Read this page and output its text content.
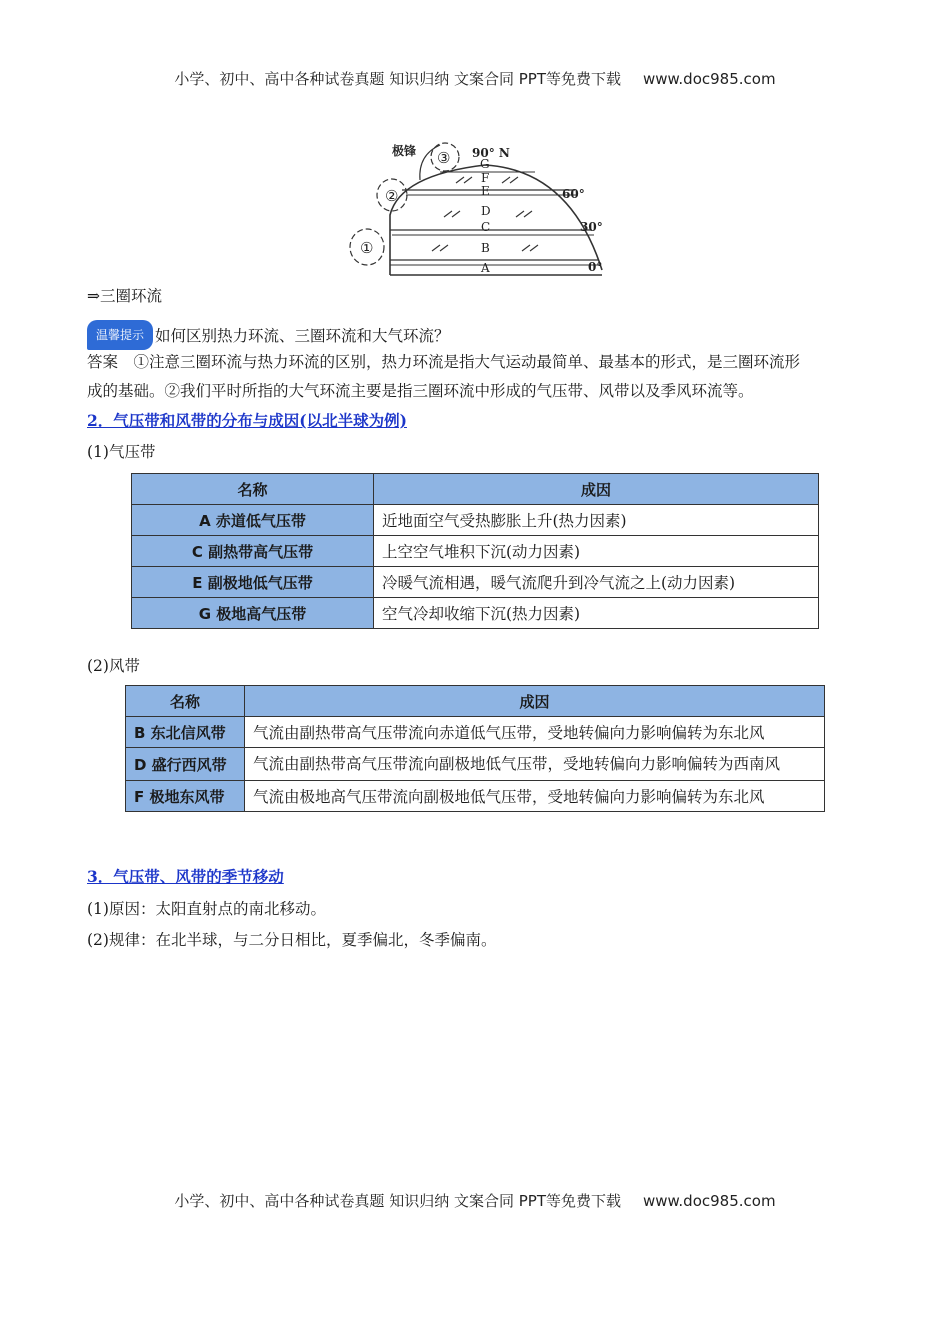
小学、初中、高中各种试卷真题 知识归纳 文案合同 PPT等免费下载 www.doc985.com
极锋
①
②
③ 90° N
60°
30°
0°
G
F
E
D
C
B
A
⇒三圈环流
温馨提示 如何区别热力环流、三圈环流和大气环流？
答案　①注意三圈环流与热力环流的区别，热力环流是指大气运动最简单、最基本的形式，是三圈环流形
成的基础。②我们平时所指的大气环流主要是指三圈环流中形成的气压带、风带以及季风环流等。
2．气压带和风带的分布与成因(以北半球为例)
(1)气压带
名称	成因
A 赤道低气压带	近地面空气受热膨胀上升(热力因素)
C 副热带高气压带	上空空气堆积下沉(动力因素)
E 副极地低气压带	冷暖气流相遇，暖气流爬升到冷气流之上(动力因素)
G 极地高气压带	空气冷却收缩下沉(热力因素)
(2)风带
名称	成因
B 东北信风带	气流由副热带高气压带流向赤道低气压带，受地转偏向力影响偏转为东北风
D 盛行西风带	气流由副热带高气压带流向副极地低气压带，受地转偏向力影响偏转为西南风
F 极地东风带	气流由极地高气压带流向副极地低气压带，受地转偏向力影响偏转为东北风
3．气压带、风带的季节移动
(1)原因：太阳直射点的南北移动。
(2)规律：在北半球，与二分日相比，夏季偏北，冬季偏南。
小学、初中、高中各种试卷真题 知识归纳 文案合同 PPT等免费下载 www.doc985.com
